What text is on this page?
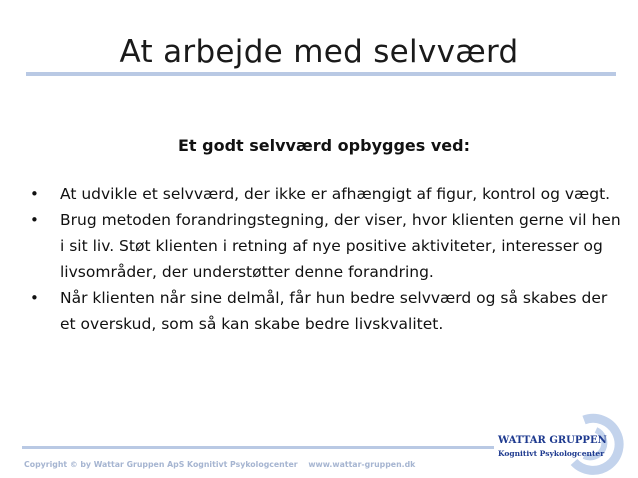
At arbejde med selvværd
Et godt selvværd opbygges ved:
• At udvikle et selvværd, der ikke er afhængigt af figur, kontrol og vægt.
• Brug metoden forandringstegning, der viser, hvor klienten gerne vil hen i sit liv. Støt klienten i retning af nye positive aktiviteter, interesser og livsområder, der understøtter denne forandring.
• Når klienten når sine delmål, får hun bedre selvværd og så skabes der et overskud, som så kan skabe bedre livskvalitet.
Copyright © by Wattar Gruppen ApS Kognitivt Psykologcenter www.wattar-gruppen.dk
WATTAR GRUPPEN
Kognitivt Psykologcenter
